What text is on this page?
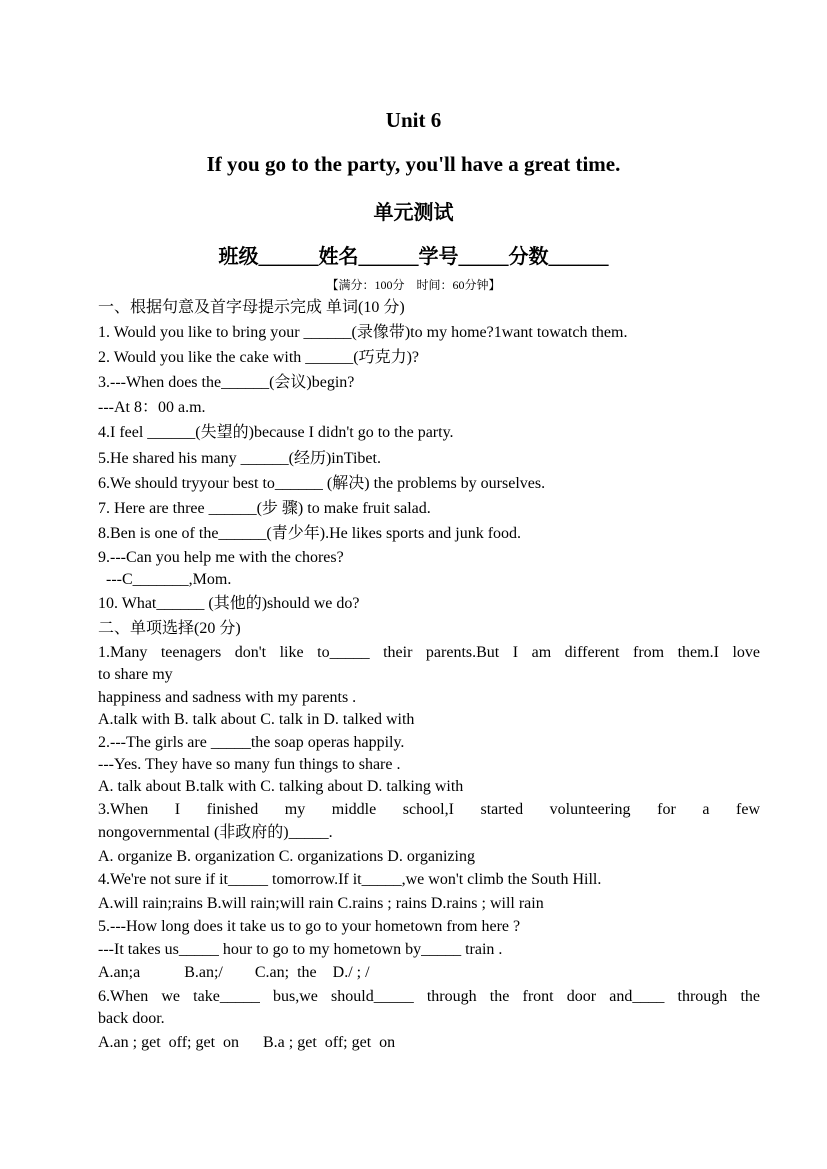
Unit 6
If you go to the party, you'll have a great time.
单元测试
班级______姓名______学号_____分数______
【满分：100分　时间：60分钟】
一、根据句意及首字母提示完成 单词(10 分)
1. Would you like to bring your ______(录像带)to my home?1want towatch them.
2. Would you like the cake with ______(巧克力)?
3.---When does the______(会议)begin?
---At 8：00 a.m.
4.I feel ______(失望的)because I didn't go to the party.
5.He shared his many ______(经历)inTibet.
6.We should tryyour best to______ (解决) the problems by ourselves.
7. Here are three ______(步 骤) to make fruit salad.
8.Ben is one of the______(青少年).He likes sports and junk food.
9.---Can you help me with the chores?
---C_______,Mom.
10. What______ (其他的)should we do?
二、单项选择(20 分)
1.Many teenagers don't like to_____ their parents.But I am different from them.I love
to share my
happiness and sadness with my parents .
A.talk with B. talk about C. talk in D. talked with
2.---The girls are _____the soap operas happily.
---Yes. They have so many fun things to share .
A. talk about B.talk with C. talking about D. talking with
3.When I finished my middle school,I started volunteering for a few
nongovernmental (非政府的)_____.
A. organize B. organization C. organizations D. organizing
4.We're not sure if it_____ tomorrow.If it_____,we won't climb the South Hill.
A.will rain;rains B.will rain;will rain C.rains ; rains D.rains ; will rain
5.---How long does it take us to go to your hometown from here ?
---It takes us_____ hour to go to my hometown by_____ train .
A.an;a           B.an;/        C.an;  the    D./ ; /
6.When we take_____ bus,we should_____ through the front door and____ through the
back door.
A.an ; get  off; get  on      B.a ; get  off; get  on
